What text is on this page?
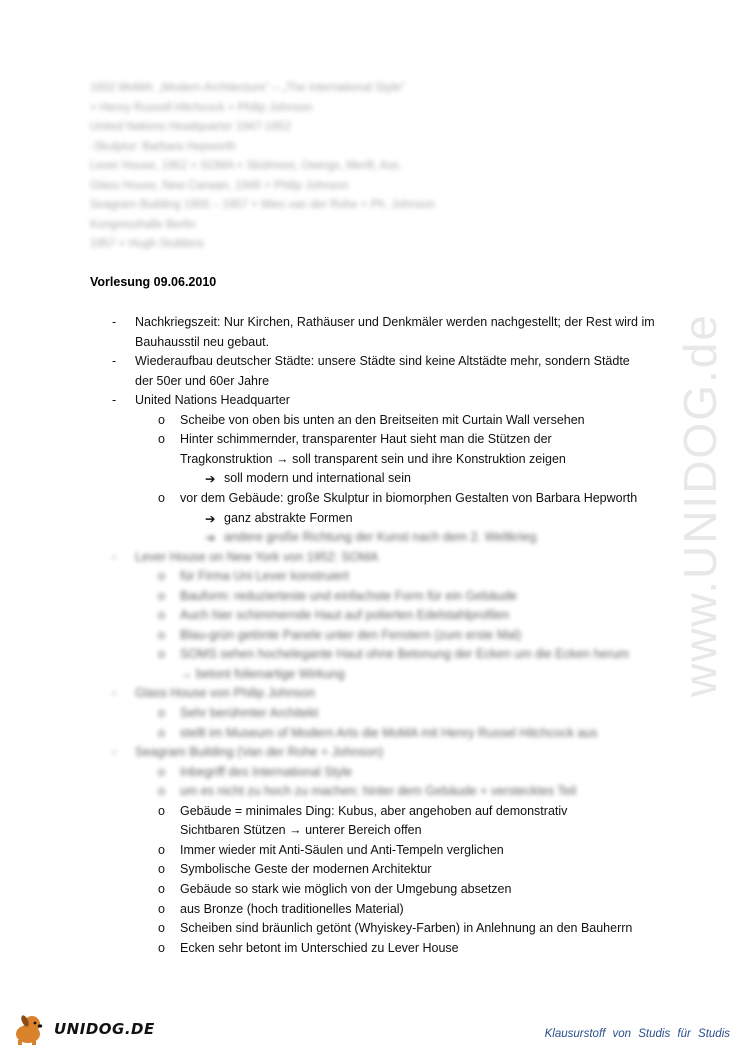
www.UNIDOG.de
1932 MoMA: „Modern Architecture" – „The International Style"
+ Henry Russell Hitchcock + Philip Johnson
United Nations Headquarter 1947-1952
-Skulptur: Barbara Hepworth
Lever House, 1952 + SOMA + Skidmore, Owings, Merill, Ass.
Glass House, New Canaan, 1949 + Philip Johnson
Seagram Building 1955 – 1957 + Mies van der Rohe + Ph. Johnson
Kongresshalle Berlin
1957 + Hugh Stubbins
Vorlesung 09.06.2010
- Nachkriegszeit: Nur Kirchen, Rathäuser und Denkmäler werden nachgestellt; der Rest wird im
Bauhausstil neu gebaut.
- Wiederaufbau deutscher Städte: unsere Städte sind keine Altstädte mehr, sondern Städte
der 50er und 60er Jahre
- United Nations Headquarter
o Scheibe von oben bis unten an den Breitseiten mit Curtain Wall versehen
o Hinter schimmernder, transparenter Haut sieht man die Stützen der
Tragkonstruktion → soll transparent sein und ihre Konstruktion zeigen
➔ soll modern und international sein
o vor dem Gebäude: große Skulptur in biomorphen Gestalten von Barbara Hepworth
➔ ganz abstrakte Formen
➔ andere große Richtung der Kunst nach dem 2. Weltkrieg
- Lever House on New York von 1952: SOMA
o für Firma Uni Lever konstruiert
o Bauform: reduzierteste und einfachste Form für ein Gebäude
o Auch hier schimmernde Haut auf polierten Edelstahlprofilen
o Blau-grün getönte Panele unter den Fenstern (zum erste Mal)
o SOMS sehen hochelegante Haut ohne Betonung der Ecken um die Ecken herum
→ betont folienartige Wirkung
- Glass House von Philip Johnson
o Sehr berühmter Architekt
o stellt im Museum of Modern Arts die MoMA mit Henry Russel Hitchcock aus
- Seagram Building (Van der Rohe + Johnson)
o Inbegriff des International Style
o um es nicht zu hoch zu machen: hinter dem Gebäude + verstecktes Teil
o Gebäude = minimales Ding: Kubus, aber angehoben auf demonstrativ
Sichtbaren Stützen → unterer Bereich offen
o Immer wieder mit Anti-Säulen und Anti-Tempeln verglichen
o Symbolische Geste der modernen Architektur
o Gebäude so stark wie möglich von der Umgebung absetzen
o aus Bronze (hoch traditionelles Material)
o Scheiben sind bräunlich getönt (Whyiskey-Farben) in Anlehnung an den Bauherrn
o Ecken sehr betont im Unterschied zu Lever House
UNIDOG.DE	Klausurstoff von Studis für Studis
